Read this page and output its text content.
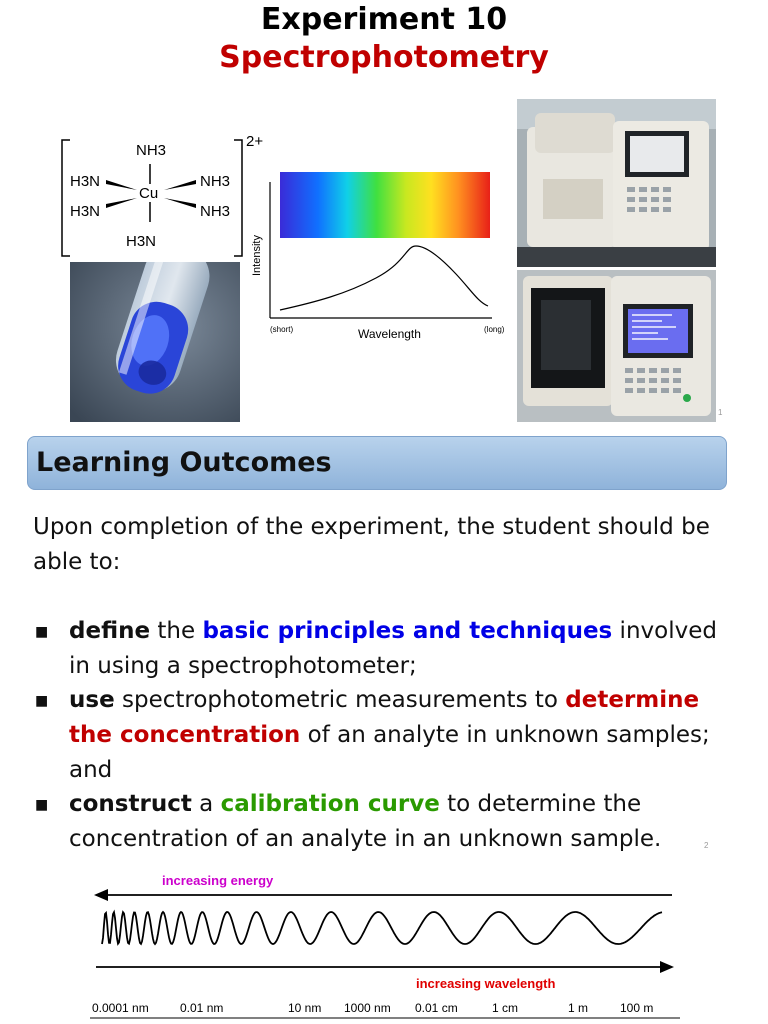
Experiment 10
Spectrophotometry
2+
Cu
NH3
H3N	NH3
H3N	NH3
H3N	Intensity
Wavelength
(short)	(long)
1
Learning Outcomes
Upon completion of the experiment, the student should be able to:
■ define the basic principles and techniques involved in using a spectrophotometer;
■ use spectrophotometric measurements to determine the concentration of an analyte in unknown samples; and
■ construct a calibration curve to determine the concentration of an analyte in an unknown sample.	2
increasing energy
increasing wavelength
0.0001 nm	0.01 nm	10 nm 1000 nm 0.01 cm	1 cm	1 m	100 m
